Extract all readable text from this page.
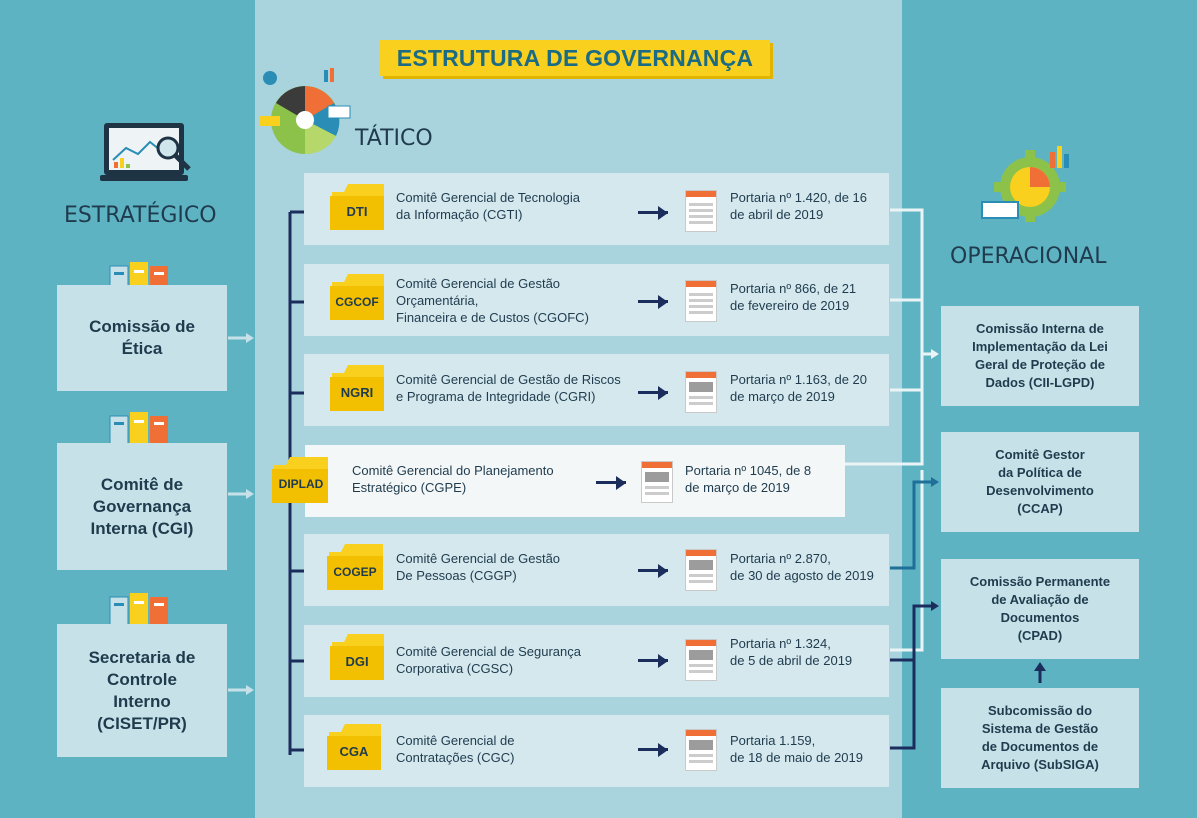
ESTRUTURA DE GOVERNANÇA
ESTRATÉGICO
TÁTICO
OPERACIONAL
Comissão de Ética
Comitê de Governança Interna (CGI)
Secretaria de Controle Interno (CISET/PR)
DTI
Comitê Gerencial de Tecnologia
da Informação (CGTI)
Portaria nº 1.420, de 16
de abril de 2019
CGCOF
Comitê Gerencial de Gestão
Orçamentária,
Financeira e de Custos (CGOFC)
Portaria nº 866, de 21
de fevereiro de 2019
NGRI
Comitê Gerencial de Gestão de Riscos
e Programa de Integridade (CGRI)
Portaria nº 1.163, de 20
de março de 2019
DIPLAD
Comitê Gerencial do Planejamento
Estratégico (CGPE)
Portaria nº 1045, de 8
de março de 2019
COGEP
Comitê Gerencial de Gestão
De Pessoas (CGGP)
Portaria nº 2.870,
de 30 de agosto de 2019
DGI
Comitê Gerencial de Segurança
Corporativa (CGSC)
Portaria nº 1.324,
de 5 de abril de 2019
CGA
Comitê Gerencial de
Contratações (CGC)
Portaria 1.159,
de 18 de maio de 2019
Comissão Interna de
Implementação da Lei
Geral de Proteção de
Dados (CII-LGPD)
Comitê Gestor
da Política de
Desenvolvimento
(CCAP)
Comissão Permanente
de Avaliação de
Documentos
(CPAD)
Subcomissão do
Sistema de Gestão
de Documentos de
Arquivo (SubSIGA)
